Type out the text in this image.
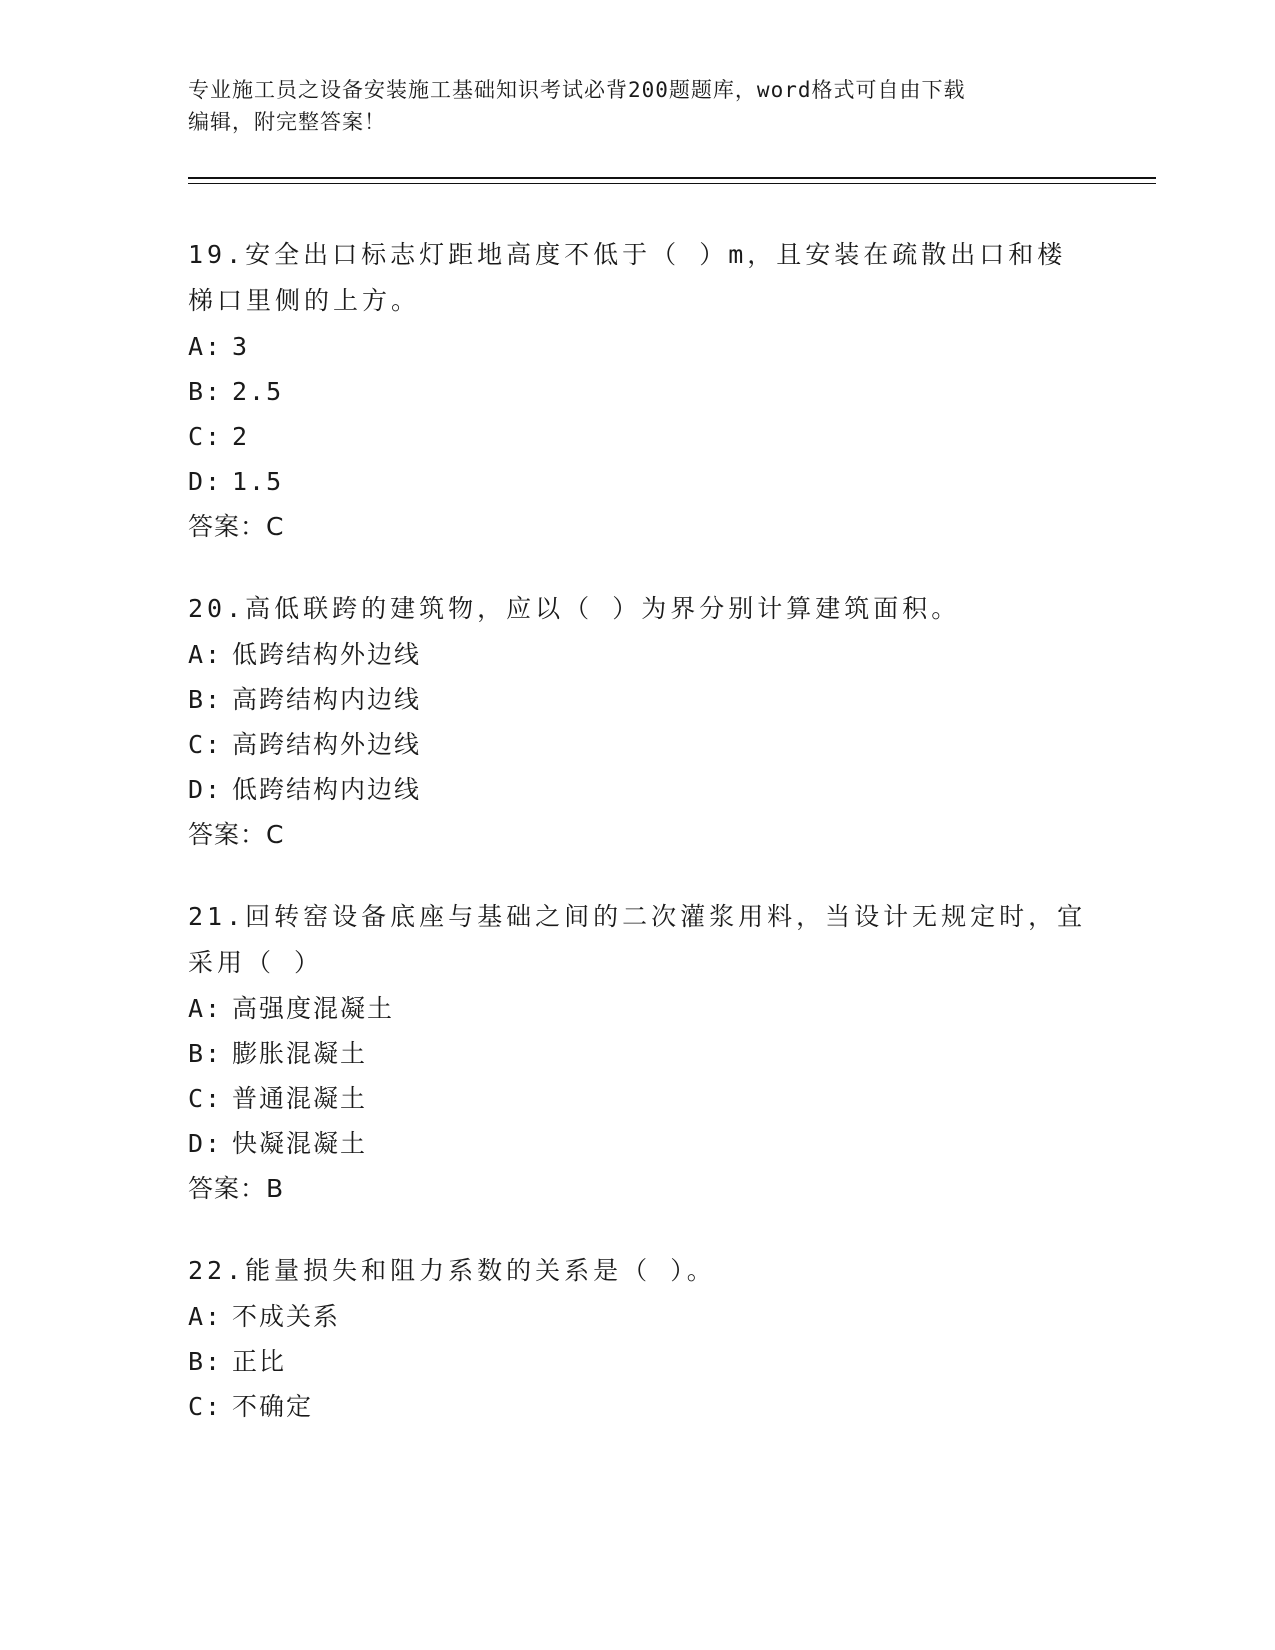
专业施工员之设备安装施工基础知识考试必背200题题库，word格式可自由下载
编辑，附完整答案！
19.安全出口标志灯距地高度不低于（ ）m，且安装在疏散出口和楼梯口里侧的上方。
A: 3
B: 2.5
C: 2
D: 1.5
答案：C
20.高低联跨的建筑物，应以（ ）为界分别计算建筑面积。
A: 低跨结构外边线
B: 高跨结构内边线
C: 高跨结构外边线
D: 低跨结构内边线
答案：C
21.回转窑设备底座与基础之间的二次灌浆用料，当设计无规定时，宜采用（ ）
A: 高强度混凝土
B: 膨胀混凝土
C: 普通混凝土
D: 快凝混凝土
答案：B
22.能量损失和阻力系数的关系是（ ）。
A: 不成关系
B: 正比
C: 不确定
